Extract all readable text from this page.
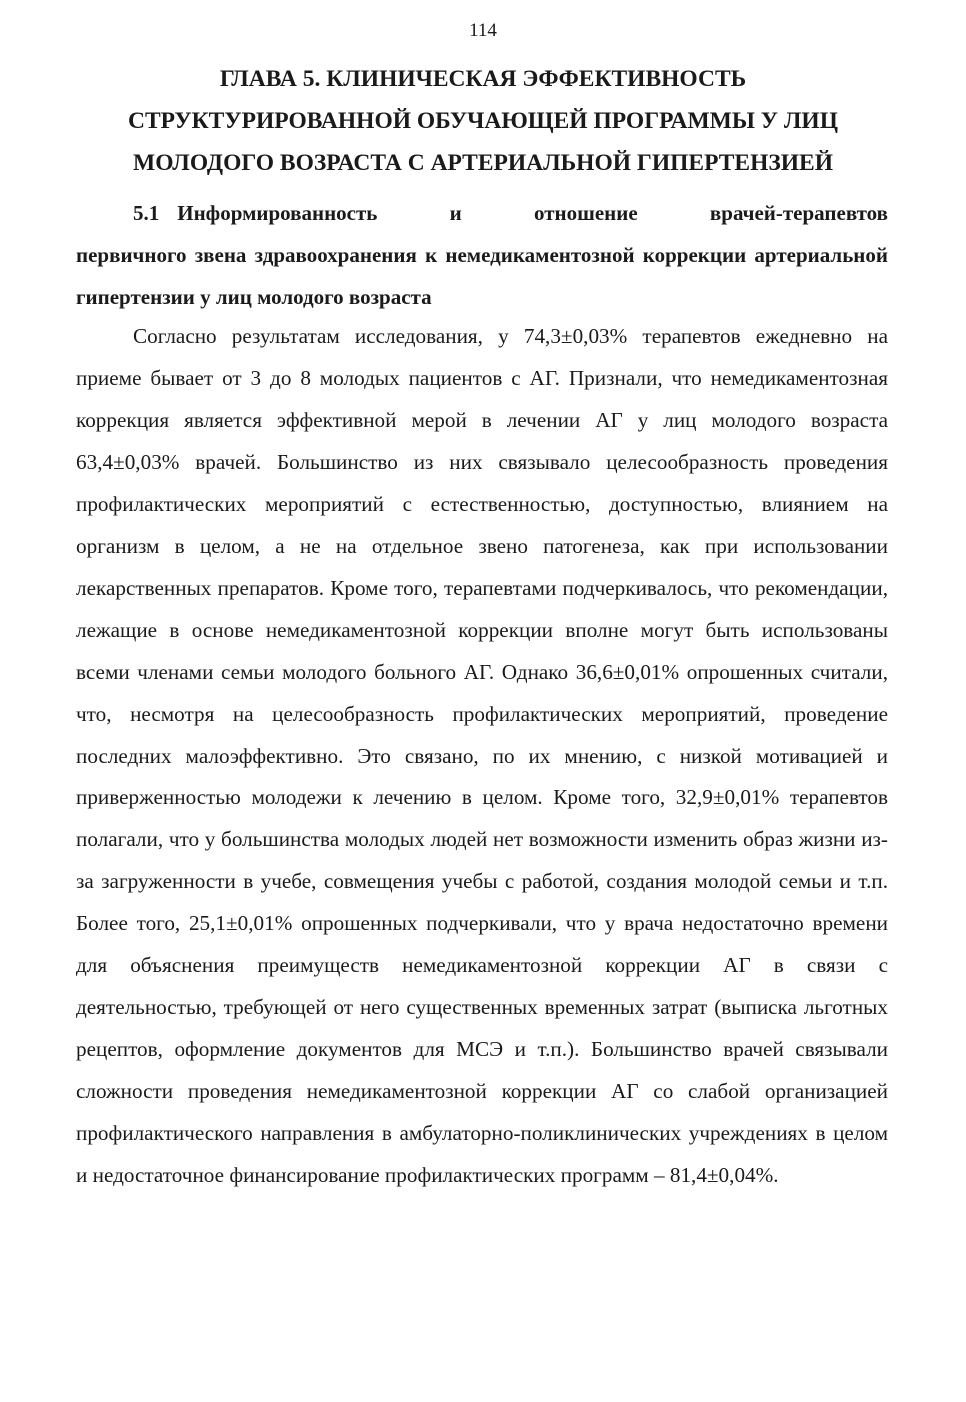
114
ГЛАВА 5. КЛИНИЧЕСКАЯ ЭФФЕКТИВНОСТЬ
СТРУКТУРИРОВАННОЙ ОБУЧАЮЩЕЙ ПРОГРАММЫ У ЛИЦ
МОЛОДОГО ВОЗРАСТА С АРТЕРИАЛЬНОЙ ГИПЕРТЕНЗИЕЙ
5.1 Информированность и отношение врачей-терапевтов первичного звена здравоохранения к немедикаментозной коррекции артериальной гипертензии у лиц молодого возраста

Согласно результатам исследования, у 74,3±0,03% терапевтов ежедневно на приеме бывает от 3 до 8 молодых пациентов с АГ. Признали, что немедикаментозная коррекция является эффективной мерой в лечении АГ у лиц молодого возраста 63,4±0,03% врачей. Большинство из них связывало целесообразность проведения профилактических мероприятий с естественностью, доступностью, влиянием на организм в целом, а не на отдельное звено патогенеза, как при использовании лекарственных препаратов. Кроме того, терапевтами подчеркивалось, что рекомендации, лежащие в основе немедикаментозной коррекции вполне могут быть использованы всеми членами семьи молодого больного АГ. Однако 36,6±0,01% опрошенных считали, что, несмотря на целесообразность профилактических мероприятий, проведение последних малоэффективно. Это связано, по их мнению, с низкой мотивацией и приверженностью молодежи к лечению в целом. Кроме того, 32,9±0,01% терапевтов полагали, что у большинства молодых людей нет возможности изменить образ жизни из-за загруженности в учебе, совмещения учебы с работой, создания молодой семьи и т.п. Более того, 25,1±0,01% опрошенных подчеркивали, что у врача недостаточно времени для объяснения преимуществ немедикаментозной коррекции АГ в связи с деятельностью, требующей от него существенных временных затрат (выписка льготных рецептов, оформление документов для МСЭ и т.п.). Большинство врачей связывали сложности проведения немедикаментозной коррекции АГ со слабой организацией профилактического направления в амбулаторно-поликлинических учреждениях в целом и недостаточное финансирование профилактических программ – 81,4±0,04%.
